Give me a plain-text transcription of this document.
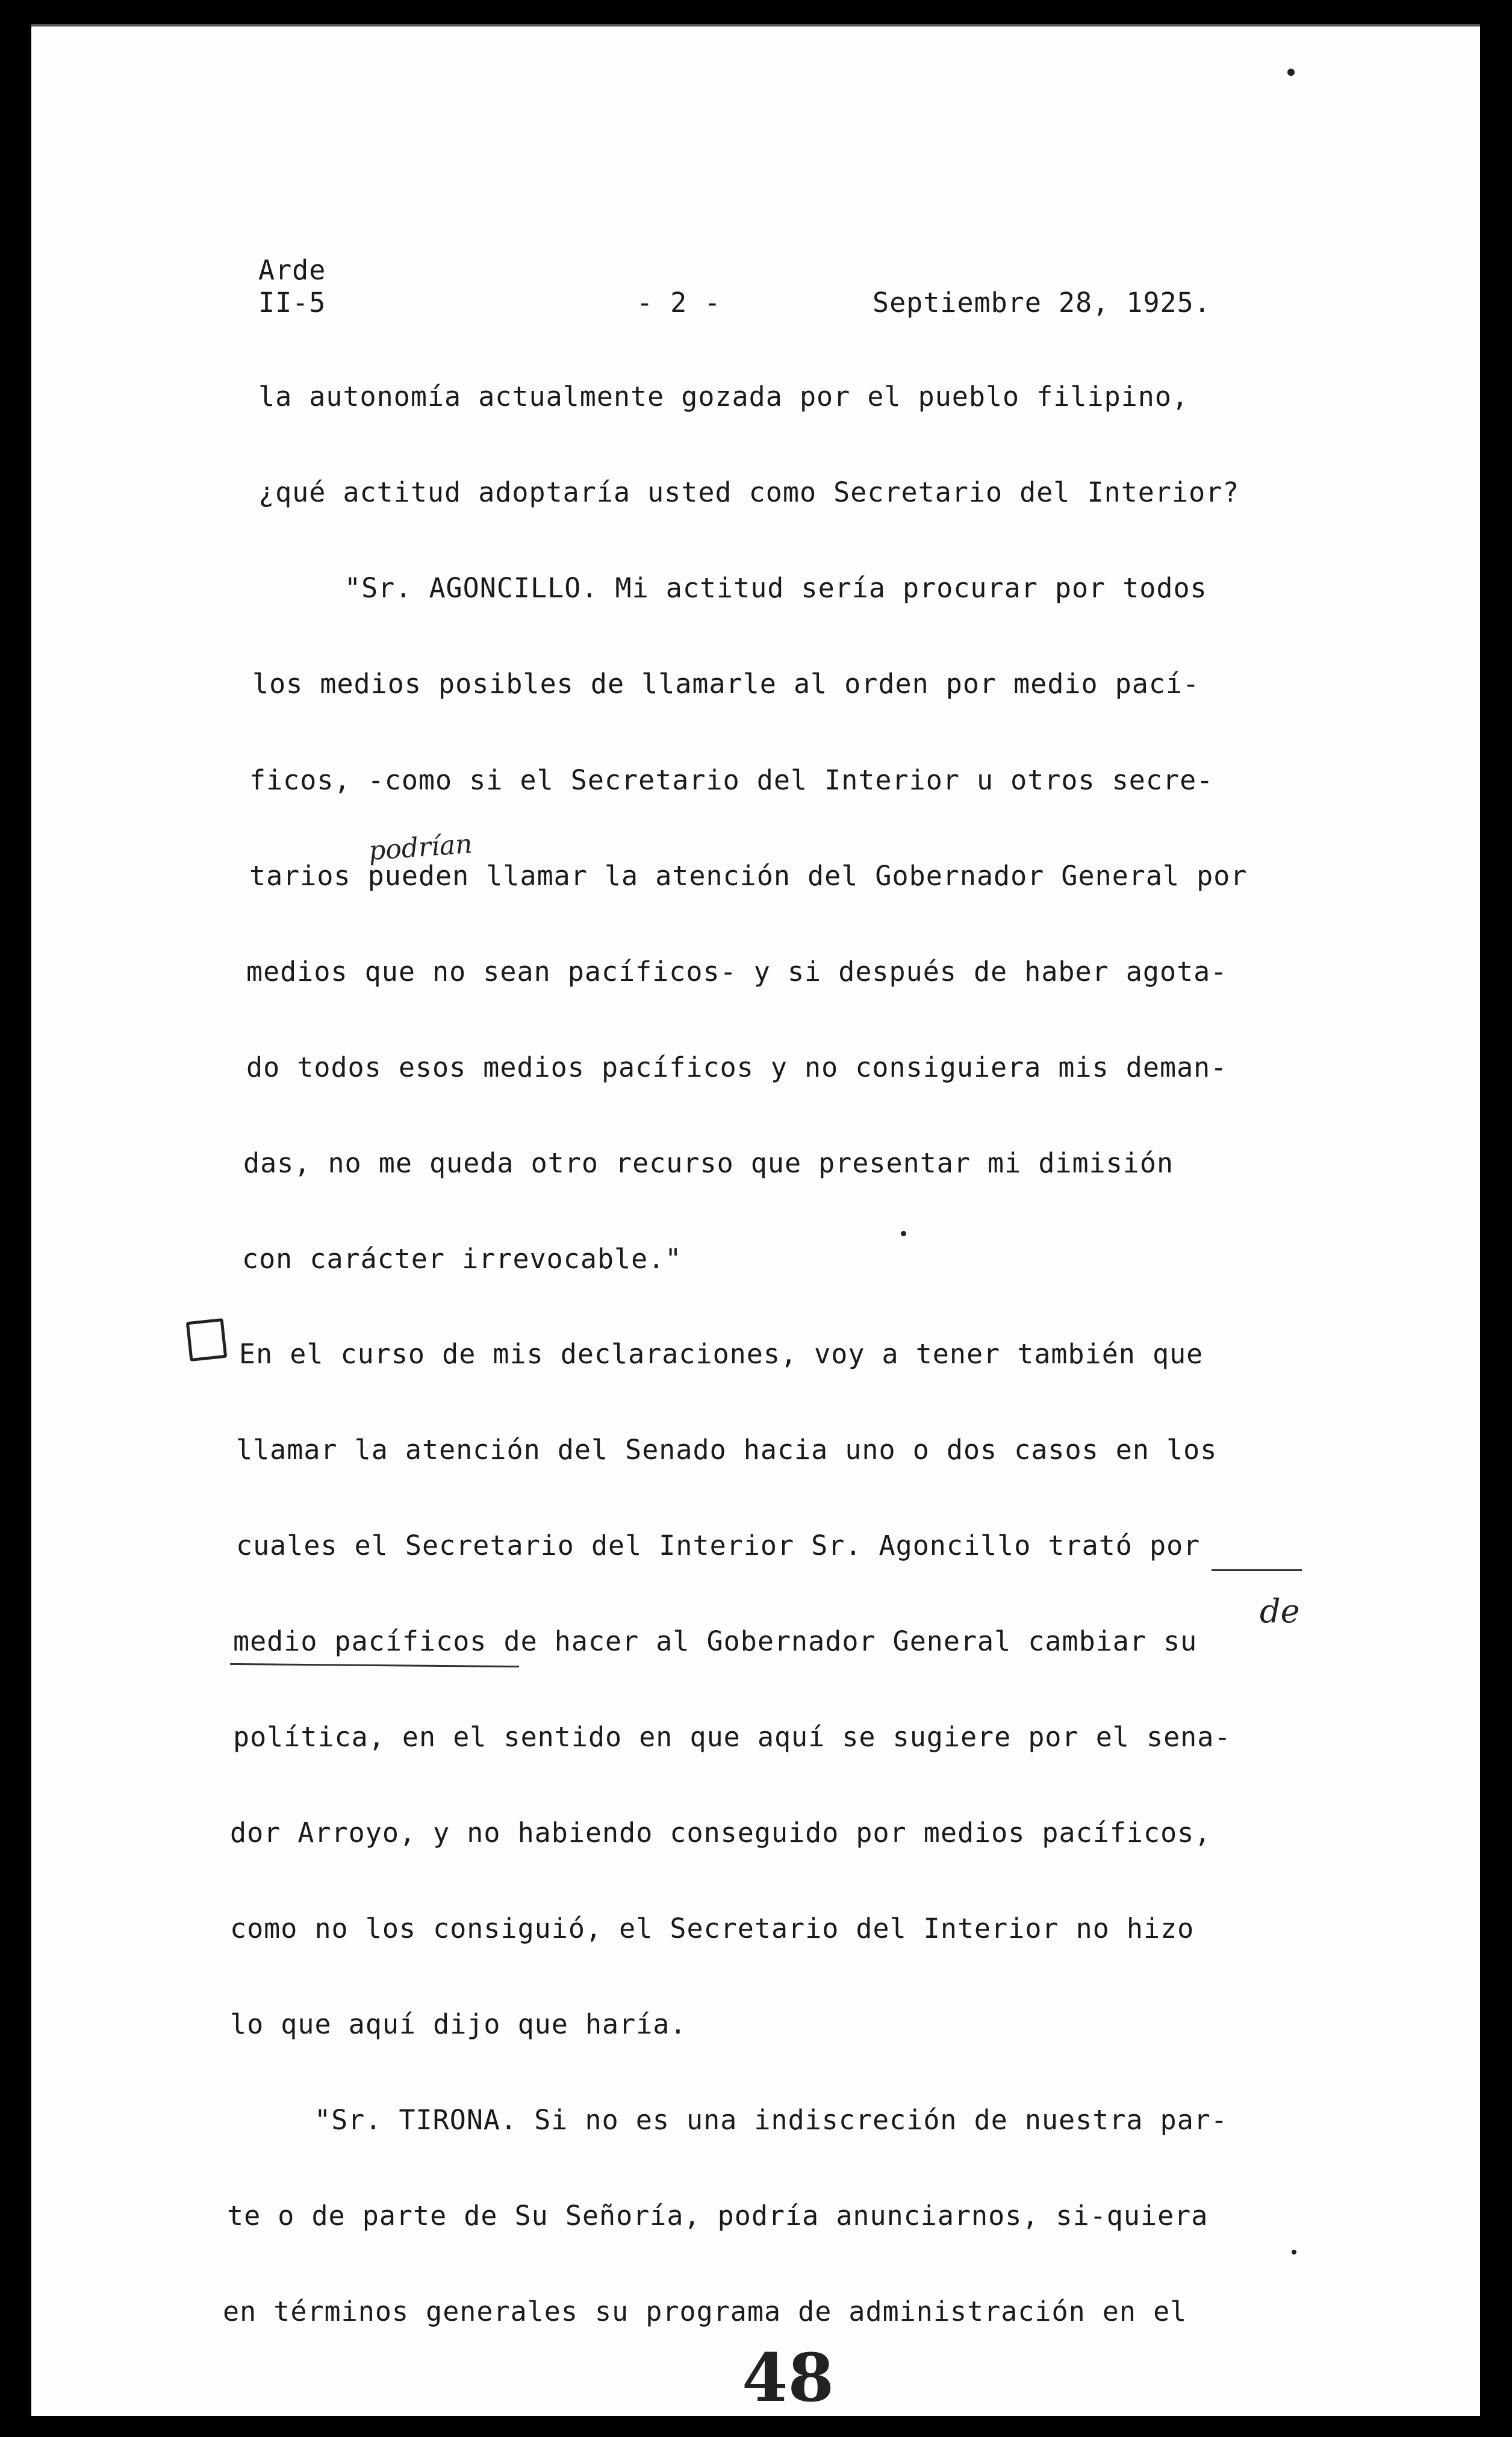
Arde
II-5	- 2 -	Septiembre 28, 1925.
la autonomía actualmente gozada por el pueblo filipino,
¿qué actitud adoptaría usted como Secretario del Interior?
"Sr. AGONCILLO. Mi actitud sería procurar por todos
los medios posibles de llamarle al orden por medio pací-
ficos, -como si el Secretario del Interior u otros secre-
tarios pueden llamar la atención del Gobernador General por
medios que no sean pacíficos- y si después de haber agota-
do todos esos medios pacíficos y no consiguiera mis deman-
das, no me queda otro recurso que presentar mi dimisión
con carácter irrevocable."
En el curso de mis declaraciones, voy a tener también que
llamar la atención del Senado hacia uno o dos casos en los
cuales el Secretario del Interior Sr. Agoncillo trató por
medio pacíficos de hacer al Gobernador General cambiar su
política, en el sentido en que aquí se sugiere por el sena-
dor Arroyo, y no habiendo conseguido por medios pacíficos,
como no los consiguió, el Secretario del Interior no hizo
lo que aquí dijo que haría.
"Sr. TIRONA. Si no es una indiscreción de nuestra par-
te o de parte de Su Señoría, podría anunciarnos, si-quiera
en términos generales su programa de administración en el
podrían
de
48
